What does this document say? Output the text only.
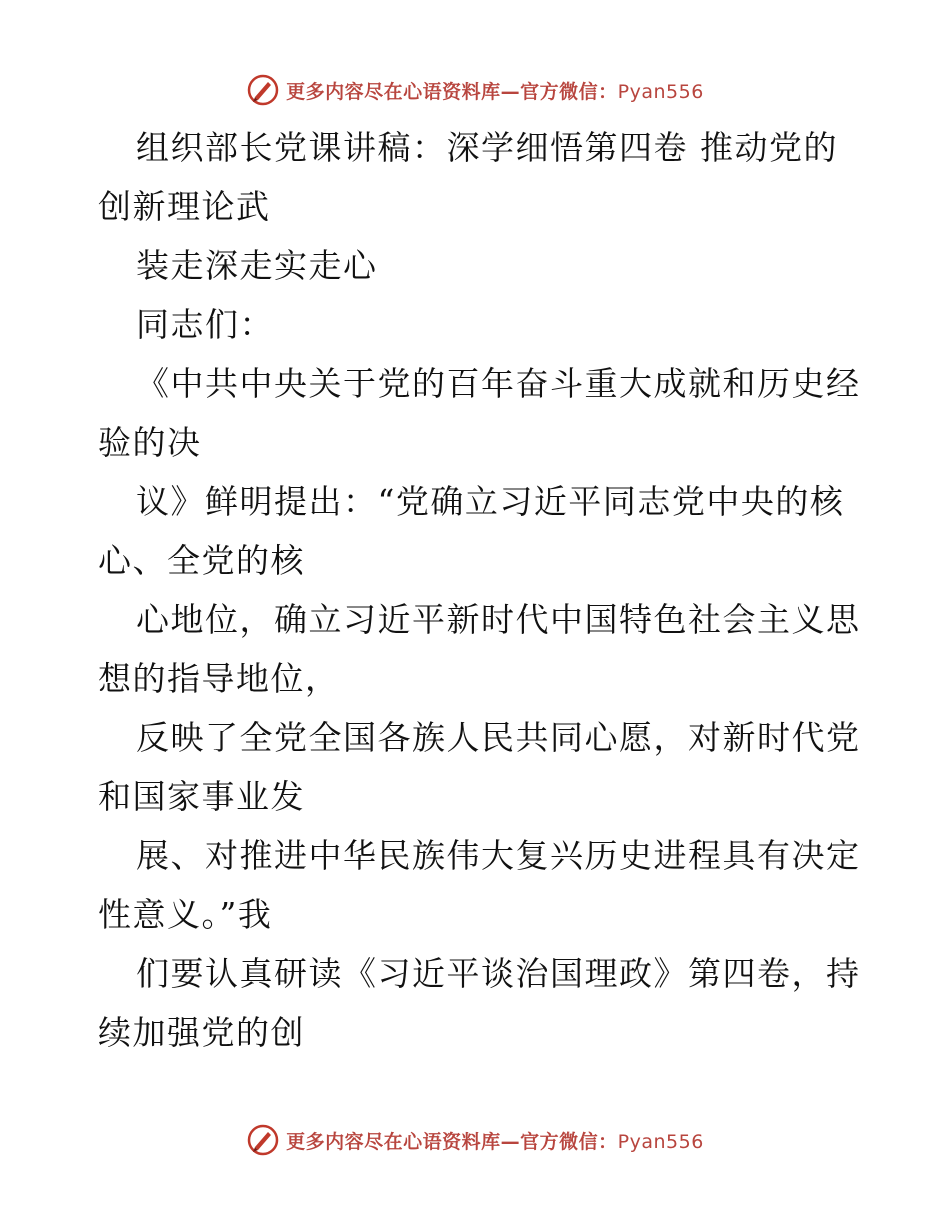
更多内容尽在心语资料库—官方微信：Pyan556
组织部长党课讲稿：深学细悟第四卷 推动党的
创新理论武
装走深走实走心
同志们：
《中共中央关于党的百年奋斗重大成就和历史经
验的决
议》鲜明提出：“党确立习近平同志党中央的核
心、全党的核
心地位，确立习近平新时代中国特色社会主义思
想的指导地位，
反映了全党全国各族人民共同心愿，对新时代党
和国家事业发
展、对推进中华民族伟大复兴历史进程具有决定
性意义。”我
们要认真研读《习近平谈治国理政》第四卷，持
续加强党的创
更多内容尽在心语资料库—官方微信：Pyan556
